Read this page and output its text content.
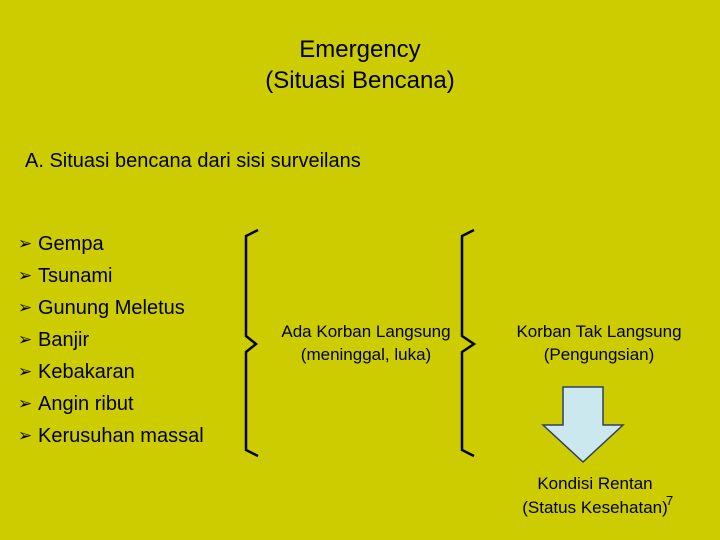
Emergency
(Situasi Bencana)
A. Situasi bencana dari sisi surveilans
➢ Gempa
➢ Tsunami
➢ Gunung Meletus
➢ Banjir
➢ Kebakaran
➢ Angin ribut
➢ Kerusuhan massal
Ada Korban Langsung
(meninggal, luka)
Korban Tak Langsung
(Pengungsian)
Kondisi Rentan
(Status Kesehatan)
7
